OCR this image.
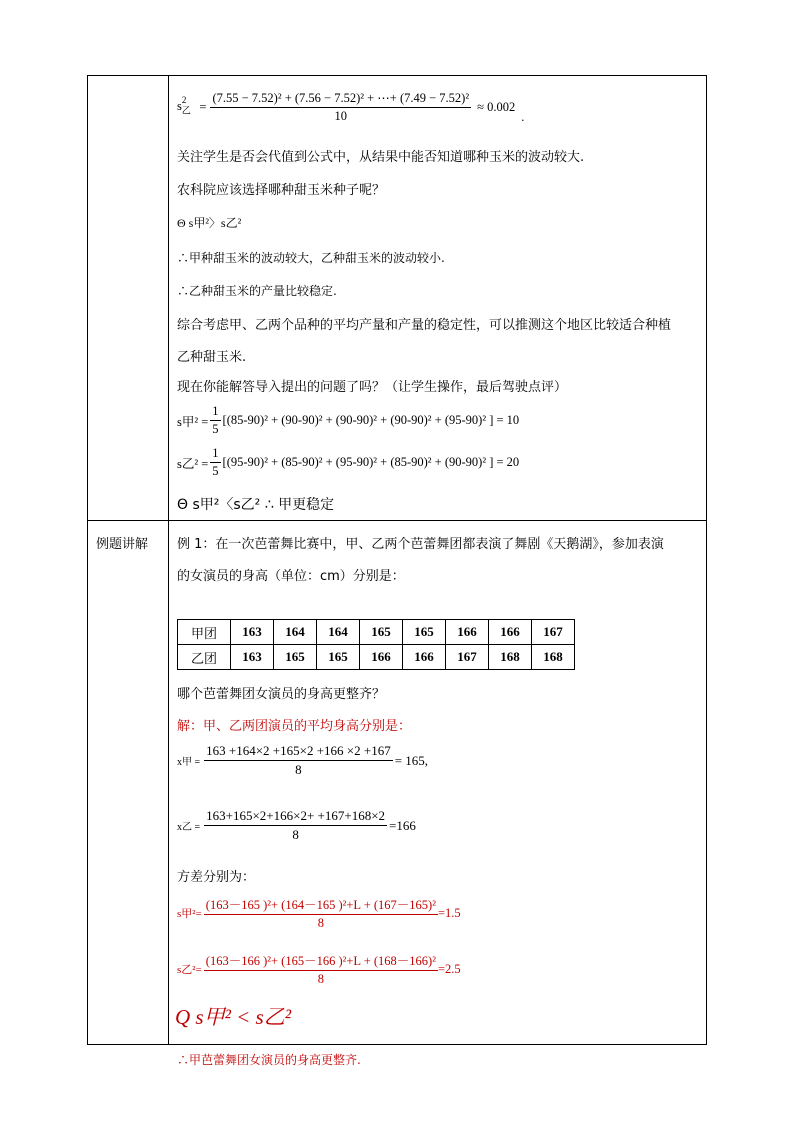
$s_乙^2$	= $\frac{\text{(7.55 − 7.52)² + (7.56 − 7.52)² + ⋯+ (7.49 − 7.52)²}}{10} \approx 0.002$
.
关注学生是否会代值到公式中，从结果中能否知道哪种玉米的波动较大.
农科院应该选择哪种甜玉米种子呢？
Θ s甲²〉s乙²
∴甲种甜玉米的波动较大，乙种甜玉米的波动较小.
∴乙种甜玉米的产量比较稳定.
综合考虑甲、乙两个品种的平均产量和产量的稳定性，可以推测这个地区比较适合种植
乙种甜玉米.
现在你能解答导入提出的问题了吗？（让学生操作，最后驾驶点评）
s甲$^2 = \frac{1}{5} [(85-90)^2 + (90-90)^2 + (90-90)^2 + (90-90)^2 + (95-90)^2$ ] = 10
s乙$^2 = \frac{1}{5} [(95-90)^2 + (85-90)^2 + (95-90)^2 + (85-90)^2 + (90-90)^2$ ] = 20
Θ s甲²〈s乙² ∴ 甲更稳定

例题讲解	例 1：在一次芭蕾舞比赛中，甲、乙两个芭蕾舞团都表演了舞剧《天鹅湖》，参加表演
的女演员的身高（单位：cm）分别是：
甲团	163	164	164	165	165	166	166	167
乙团	163	165	165	166	166	167	168	168
哪个芭蕾舞团女演员的身高更整齐？
解：甲、乙两团演员的平均身高分别是：
x甲 = $\frac{163 +164\times 2 +165\times 2 +166 \times 2 +167}{8} = 165$,
x乙 = $\frac{163+165\times 2+166\times 2+ +167+168\times 2}{8} =166$
方差分别为：
s甲$^2= \frac{\text{(163－165 )²+ (164－165 )²+L + (167－165)²}}{8} =1.5$
s乙$^2= \frac{\text{(163－166 )²+ (165－166 )²+L + (168－166)²}}{8} =2.5$
Q s甲² < s乙²
∴甲芭蕾舞团女演员的身高更整齐.
